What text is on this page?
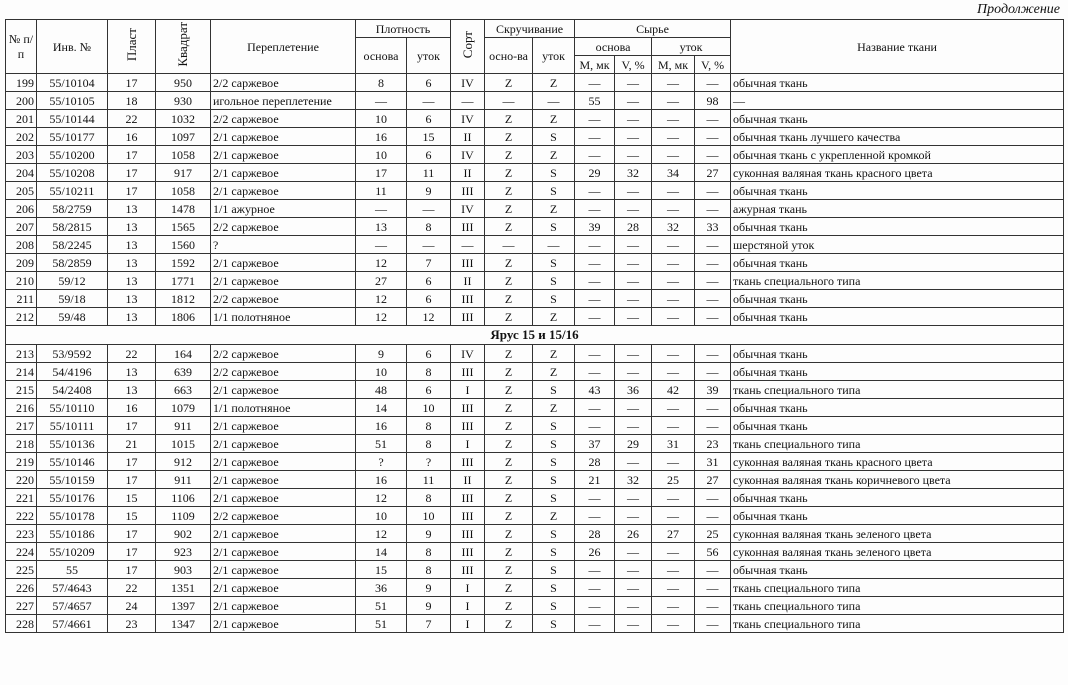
Продолжение
№ п/п	Инв. №	Пласт	Квадрат	Переплетение	Плотность		Сорт	Скручивание		Сырье				Название ткани
					основа	уток		осно-ва	уток	основа		уток		
										M, мк	V, %	M, мк	V, %	
199	55/10104	17	950	2/2 саржевое	8	6	IV	Z	Z	—	—	—	—	обычная ткань
200	55/10105	18	930	игольное переплетение	—	—	—	—	—	55	—	—	98	—
201	55/10144	22	1032	2/2 саржевое	10	6	IV	Z	Z	—	—	—	—	обычная ткань
202	55/10177	16	1097	2/1 саржевое	16	15	II	Z	S	—	—	—	—	обычная ткань лучшего качества
203	55/10200	17	1058	2/1 саржевое	10	6	IV	Z	Z	—	—	—	—	обычная ткань с укрепленной кромкой
204	55/10208	17	917	2/1 саржевое	17	11	II	Z	S	29	32	34	27	суконная валяная ткань красного цвета
205	55/10211	17	1058	2/1 саржевое	11	9	III	Z	S	—	—	—	—	обычная ткань
206	58/2759	13	1478	1/1 ажурное	—	—	IV	Z	Z	—	—	—	—	ажурная ткань
207	58/2815	13	1565	2/2 саржевое	13	8	III	Z	S	39	28	32	33	обычная ткань
208	58/2245	13	1560	?	—	—	—	—	—	—	—	—	—	шерстяной уток
209	58/2859	13	1592	2/1 саржевое	12	7	III	Z	S	—	—	—	—	обычная ткань
210	59/12	13	1771	2/1 саржевое	27	6	II	Z	S	—	—	—	—	ткань специального типа
211	59/18	13	1812	2/2 саржевое	12	6	III	Z	S	—	—	—	—	обычная ткань
212	59/48	13	1806	1/1 полотняное	12	12	III	Z	Z	—	—	—	—	обычная ткань
Ярус 15 и 15/16														
213	53/9592	22	164	2/2 саржевое	9	6	IV	Z	Z	—	—	—	—	обычная ткань
214	54/4196	13	639	2/2 саржевое	10	8	III	Z	Z	—	—	—	—	обычная ткань
215	54/2408	13	663	2/1 саржевое	48	6	I	Z	S	43	36	42	39	ткань специального типа
216	55/10110	16	1079	1/1 полотняное	14	10	III	Z	Z	—	—	—	—	обычная ткань
217	55/10111	17	911	2/1 саржевое	16	8	III	Z	S	—	—	—	—	обычная ткань
218	55/10136	21	1015	2/1 саржевое	51	8	I	Z	S	37	29	31	23	ткань специального типа
219	55/10146	17	912	2/1 саржевое	?	?	III	Z	S	28	—	—	31	суконная валяная ткань красного цвета
220	55/10159	17	911	2/1 саржевое	16	11	II	Z	S	21	32	25	27	суконная валяная ткань коричневого цвета
221	55/10176	15	1106	2/1 саржевое	12	8	III	Z	S	—	—	—	—	обычная ткань
222	55/10178	15	1109	2/2 саржевое	10	10	III	Z	Z	—	—	—	—	обычная ткань
223	55/10186	17	902	2/1 саржевое	12	9	III	Z	S	28	26	27	25	суконная валяная ткань зеленого цвета
224	55/10209	17	923	2/1 саржевое	14	8	III	Z	S	26	—	—	56	суконная валяная ткань зеленого цвета
225	55	17	903	2/1 саржевое	15	8	III	Z	S	—	—	—	—	обычная ткань
226	57/4643	22	1351	2/1 саржевое	36	9	I	Z	S	—	—	—	—	ткань специального типа
227	57/4657	24	1397	2/1 саржевое	51	9	I	Z	S	—	—	—	—	ткань специального типа
228	57/4661	23	1347	2/1 саржевое	51	7	I	Z	S	—	—	—	—	ткань специального типа
